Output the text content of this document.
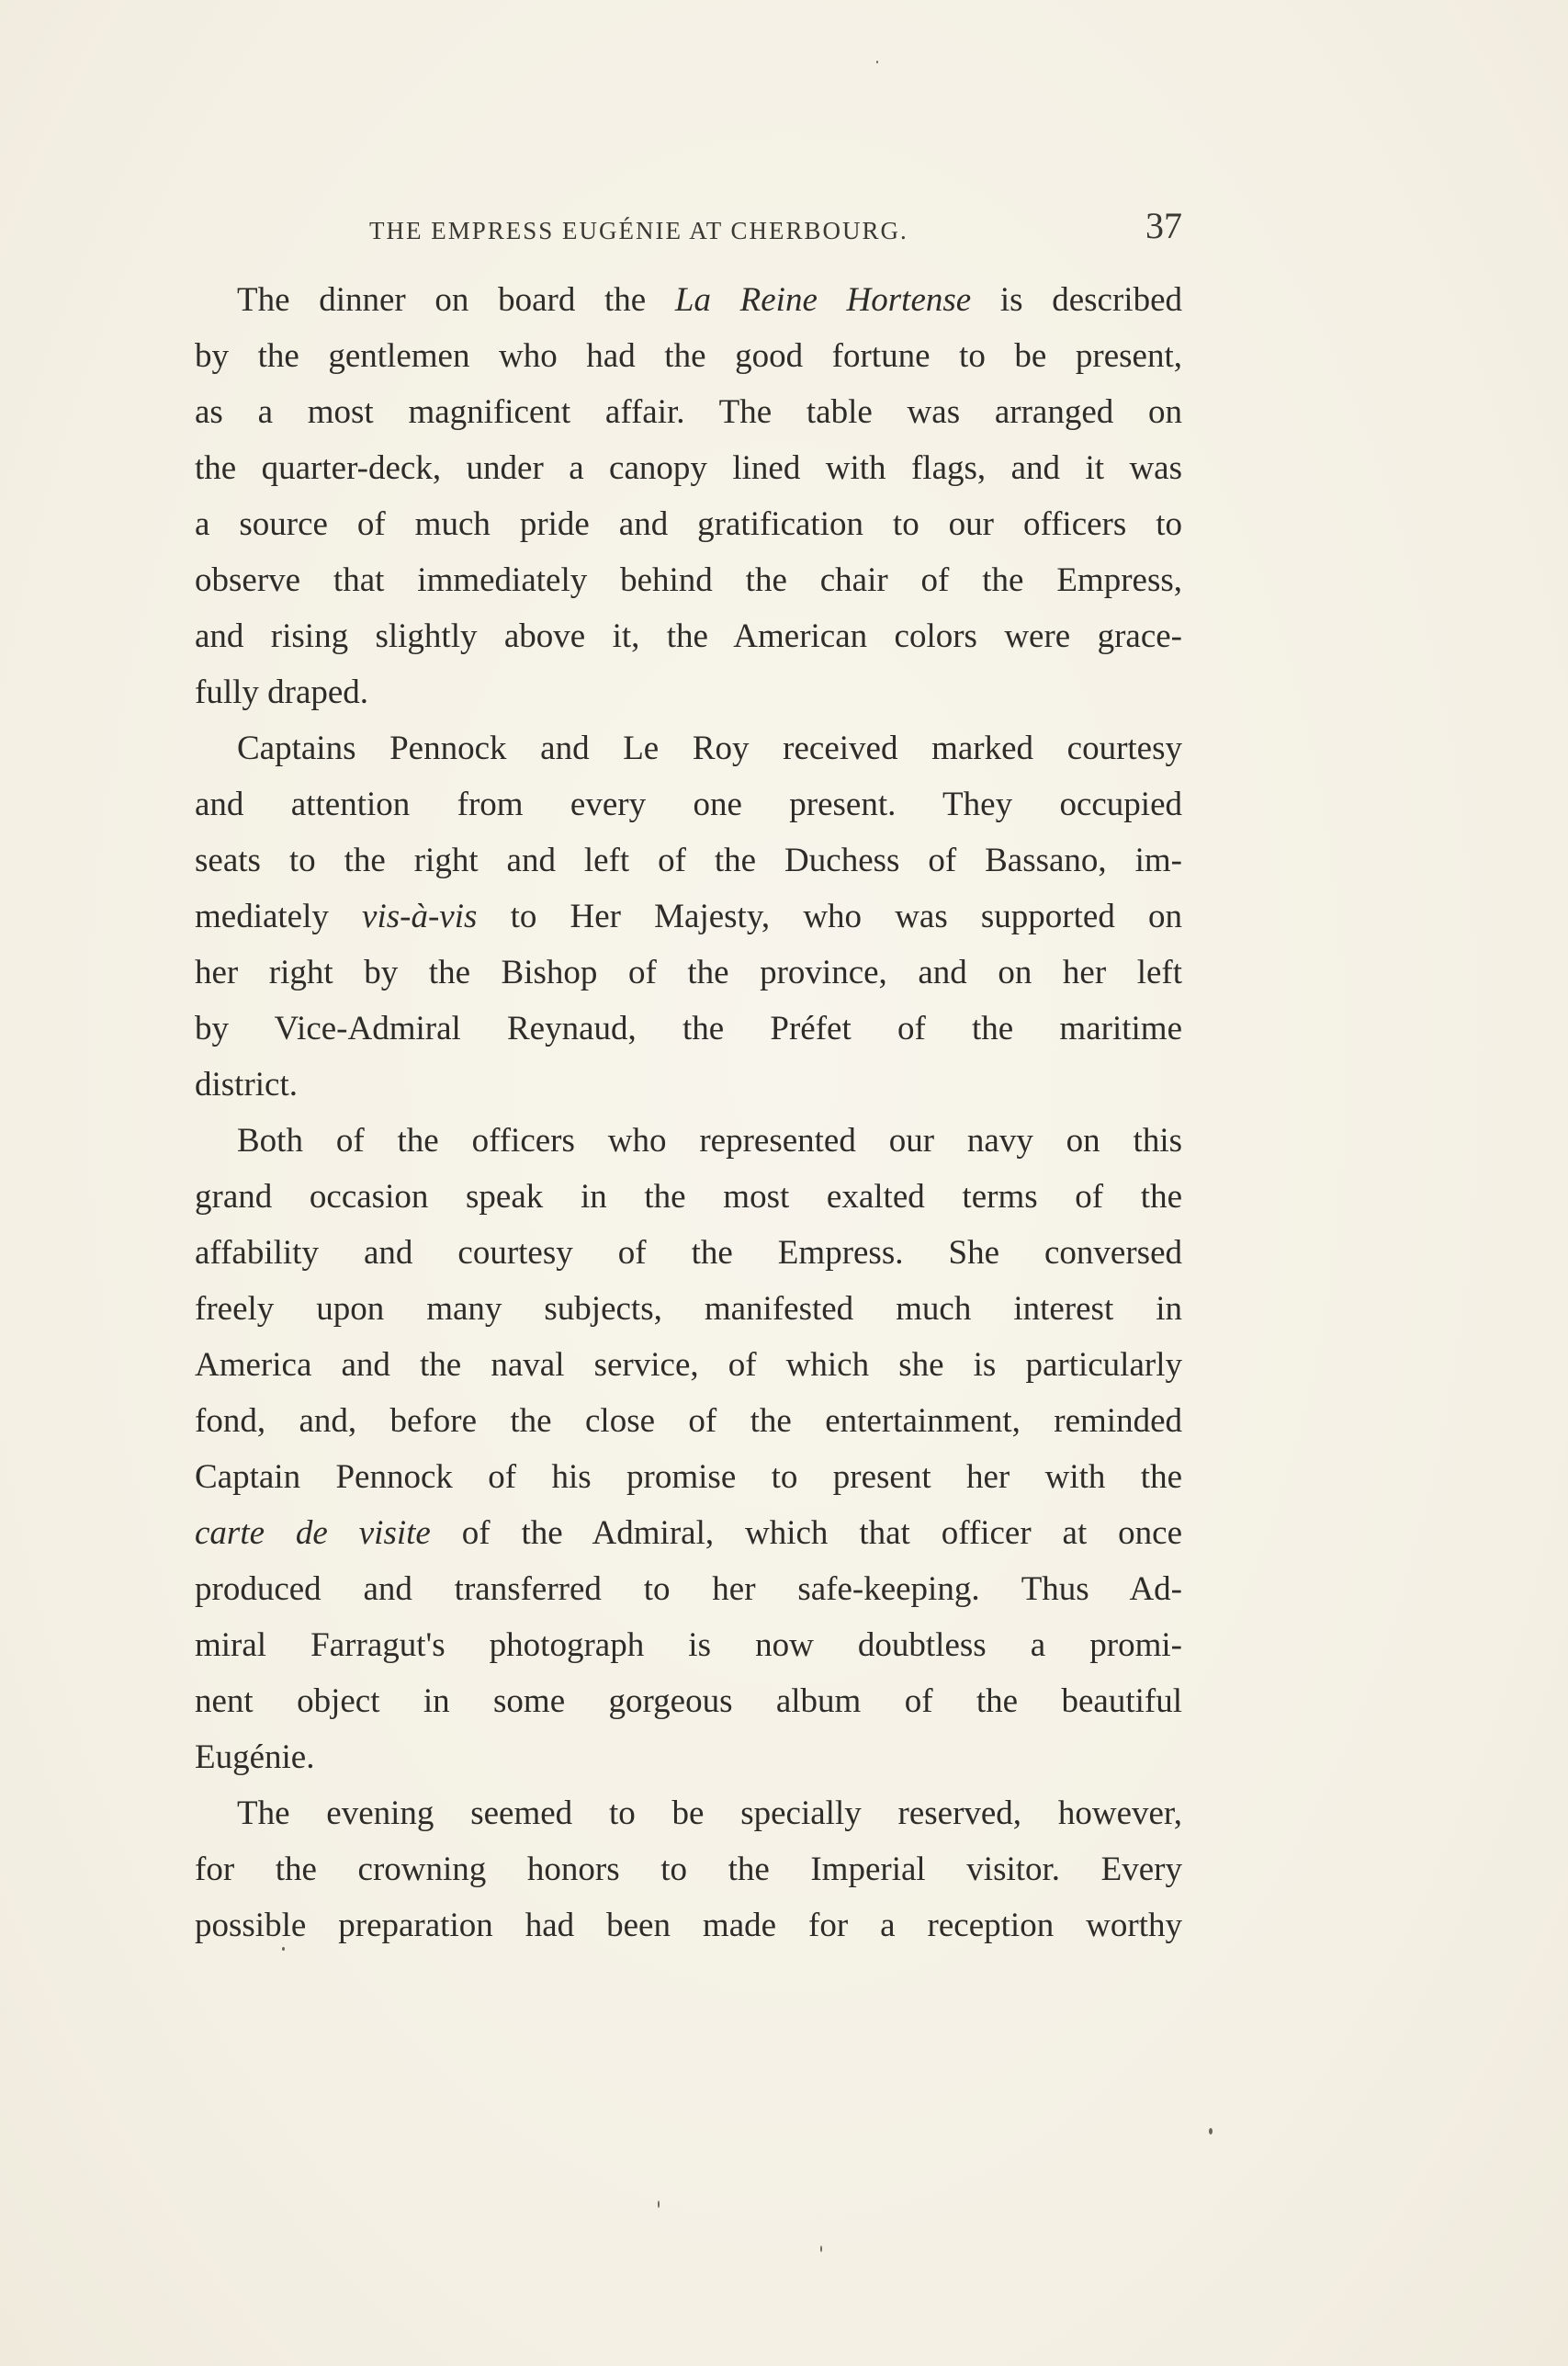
THE EMPRESS EUGÉNIE AT CHERBOURG.	37
The dinner on board the La Reine Hortense is described
by the gentlemen who had the good fortune to be present,
as a most magnificent affair. The table was arranged on
the quarter-deck, under a canopy lined with flags, and it was
a source of much pride and gratification to our officers to
observe that immediately behind the chair of the Empress,
and rising slightly above it, the American colors were grace-
fully draped.
Captains Pennock and Le Roy received marked courtesy
and attention from every one present. They occupied
seats to the right and left of the Duchess of Bassano, im-
mediately vis-à-vis to Her Majesty, who was supported on
her right by the Bishop of the province, and on her left
by Vice-Admiral Reynaud, the Préfet of the maritime
district.
Both of the officers who represented our navy on this
grand occasion speak in the most exalted terms of the
affability and courtesy of the Empress. She conversed
freely upon many subjects, manifested much interest in
America and the naval service, of which she is particularly
fond, and, before the close of the entertainment, reminded
Captain Pennock of his promise to present her with the
carte de visite of the Admiral, which that officer at once
produced and transferred to her safe-keeping. Thus Ad-
miral Farragut's photograph is now doubtless a promi-
nent object in some gorgeous album of the beautiful
Eugénie.
The evening seemed to be specially reserved, however,
for the crowning honors to the Imperial visitor. Every
possible preparation had been made for a reception worthy
